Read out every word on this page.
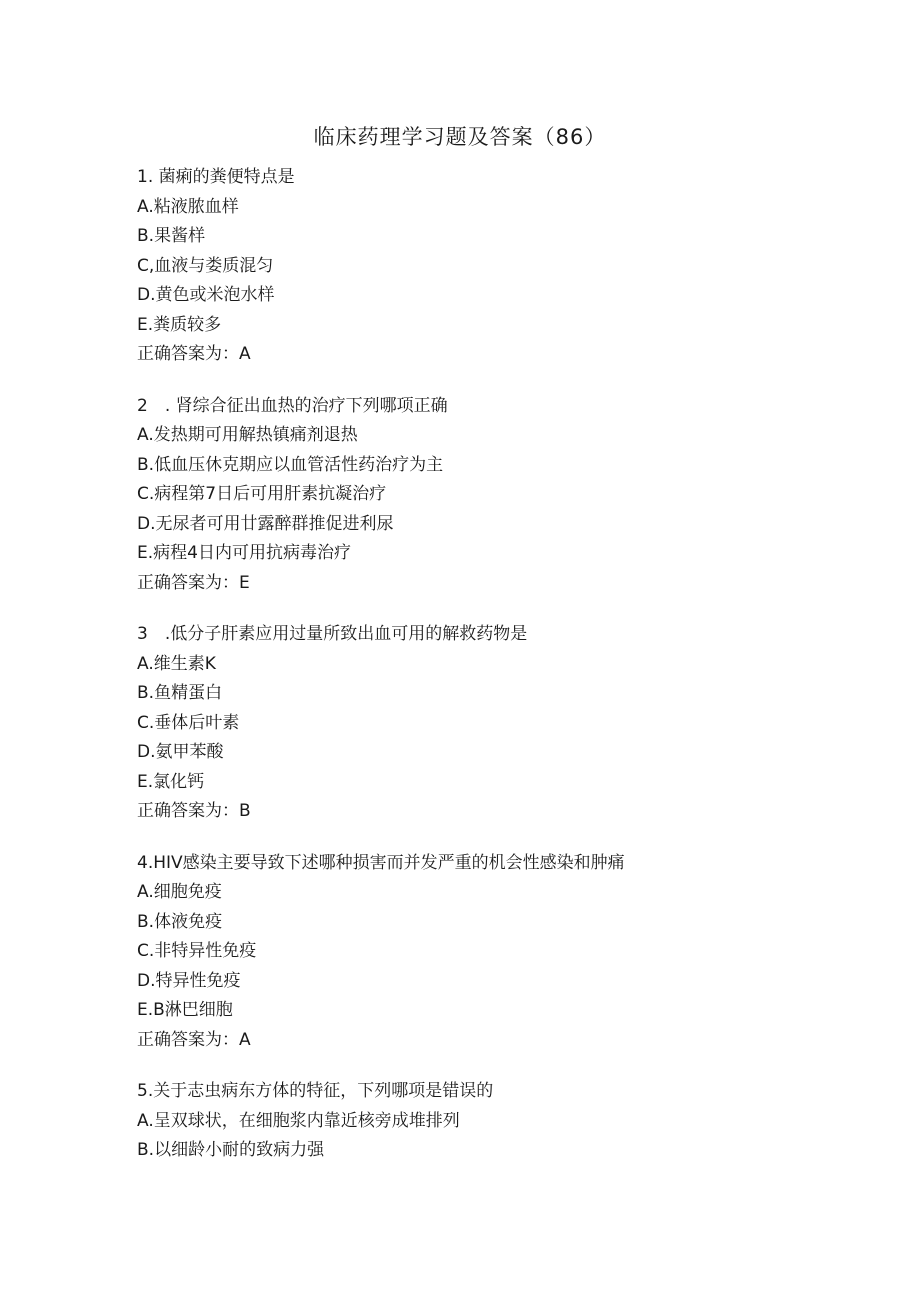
临床药理学习题及答案（86）
1. 菌痢的粪便特点是
A.粘液脓血样
B.果酱样
C,血液与娄质混匀
D.黄色或米泡水样
E.粪质较多
正确答案为：A
2　. 肾综合征出血热的治疗下列哪项正确
A.发热期可用解热镇痛剂退热
B.低血压休克期应以血管活性药治疗为主
C.病程第7日后可用肝素抗凝治疗
D.无尿者可用廿露醉群推促进利尿
E.病程4日内可用抗病毒治疗
正确答案为：E
3　.低分子肝素应用过量所致出血可用的解救药物是
A.维生素K
B.鱼精蛋白
C.垂体后叶素
D.氨甲苯酸
E.氯化钙
正确答案为：B
4.HIV感染主要导致下述哪种损害而并发严重的机会性感染和肿痛
A.细胞免疫
B.体液免疫
C.非特异性免疫
D.特异性免疫
E.B淋巴细胞
正确答案为：A
5.关于志虫病东方体的特征，下列哪项是错误的
A.呈双球状，在细胞浆内靠近核旁成堆排列
B.以细龄小耐的致病力强
